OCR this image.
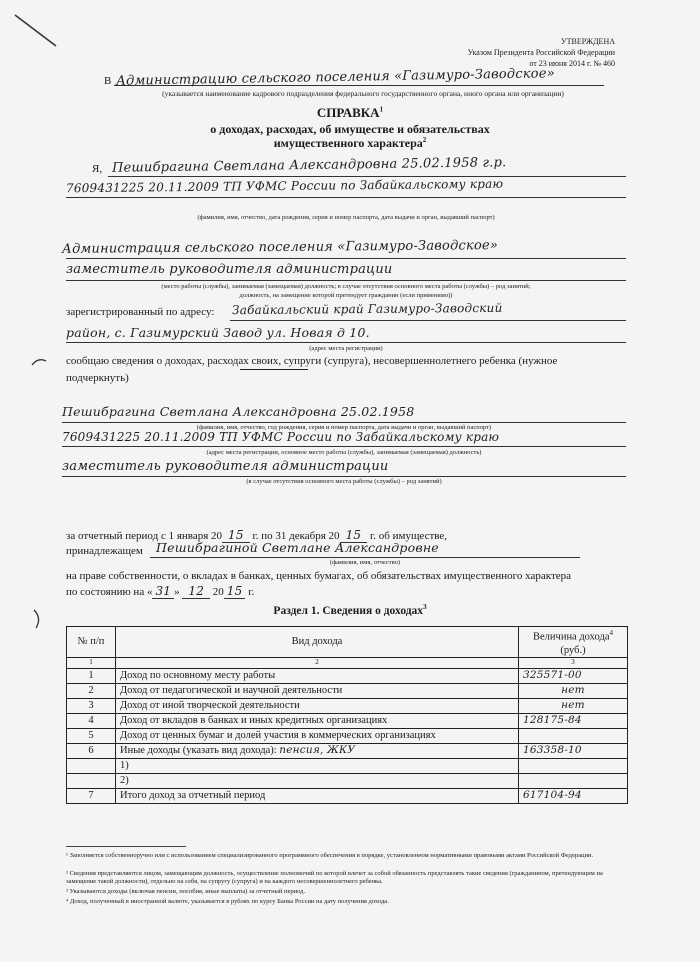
УТВЕРЖДЕНА
Указом Президента Российской Федерации
от 23 июня 2014 г. № 460
В Администрацию сельского поселения «Газимуро-Заводское»
(указывается наименование кадрового подразделения федерального государственного органа, иного органа или организации)
СПРАВКА$^1$
о доходах, расходах, об имуществе и обязательствах
имущественного характера$^2$
Я, Пешибрагина Светлана Александровна 25.02.1958 г.р.
7609431225 20.11.2009 ТП УФМС России по Забайкальскому краю
(фамилия, имя, отчество, дата рождения, серия и номер паспорта, дата выдачи и орган, выдавший паспорт)
Администрация сельского поселения «Газимуро-Заводское»
заместитель руководителя администрации
(место работы (службы), занимаемая (замещаемая) должность; в случае отсутствия основного места работы (службы) – род занятий;
должность, на замещение которой претендует гражданин (если применимо))
зарегистрированный по адресу: Забайкальский край Газимуро-Заводский
район, с. Газимурский Завод ул. Новая д 10.
(адрес места регистрации)
сообщаю сведения о доходах, расходах своих, супруги (супруга), несовершеннолетнего ребенка (нужное
подчеркнуть)
Пешибрагина Светлана Александровна 25.02.1958
(фамилия, имя, отчество, год рождения, серия и номер паспорта, дата выдачи и орган, выдавший паспорт)
7609431225 20.11.2009 ТП УФМС России по Забайкальскому краю
(адрес места регистрации, основное место работы (службы), занимаемая (замещаемая) должность)
заместитель руководителя администрации
(в случае отсутствия основного места работы (службы) – род занятий)
за отчетный период с 1 января 20 15 г. по 31 декабря 20 15 г. об имуществе,
принадлежащем Пешибрагиной Светлане Александровне
(фамилия, имя, отчество)
на праве собственности, о вкладах в банках, ценных бумагах, об обязательствах имущественного характера
по состоянию на « 31 » 12 20 15 г.
Раздел 1. Сведения о доходах$^3$
№ п/п	Вид дохода	Величина дохода$^4$
(руб.)
1	2	3
1	Доход по основному месту работы	325571-00
2	Доход от педагогической и научной деятельности	нет
3	Доход от иной творческой деятельности	нет
4	Доход от вкладов в банках и иных кредитных организациях	128175-84
5	Доход от ценных бумаг и долей участия в коммерческих организациях	
6	Иные доходы (указать вид дохода): пенсия, ЖКУ	163358-10
	1)	
	2)	
7	Итого доход за отчетный период	617104-94
¹ Заполняется собственноручно или с использованием специализированного программного обеспечения в порядке, установленном нормативными правовыми актами Российской Федерации.
² Сведения представляются лицом, замещающим должность, осуществление полномочий по которой влечет за собой обязанность представлять такие сведения (гражданином, претендующим на замещение такой должности), отдельно на себя, на супругу (супруга) и на каждого несовершеннолетнего ребенка.
³ Указываются доходы (включая пенсии, пособия, иные выплаты) за отчетный период.
⁴ Доход, полученный в иностранной валюте, указывается в рублях по курсу Банка России на дату получения дохода.
